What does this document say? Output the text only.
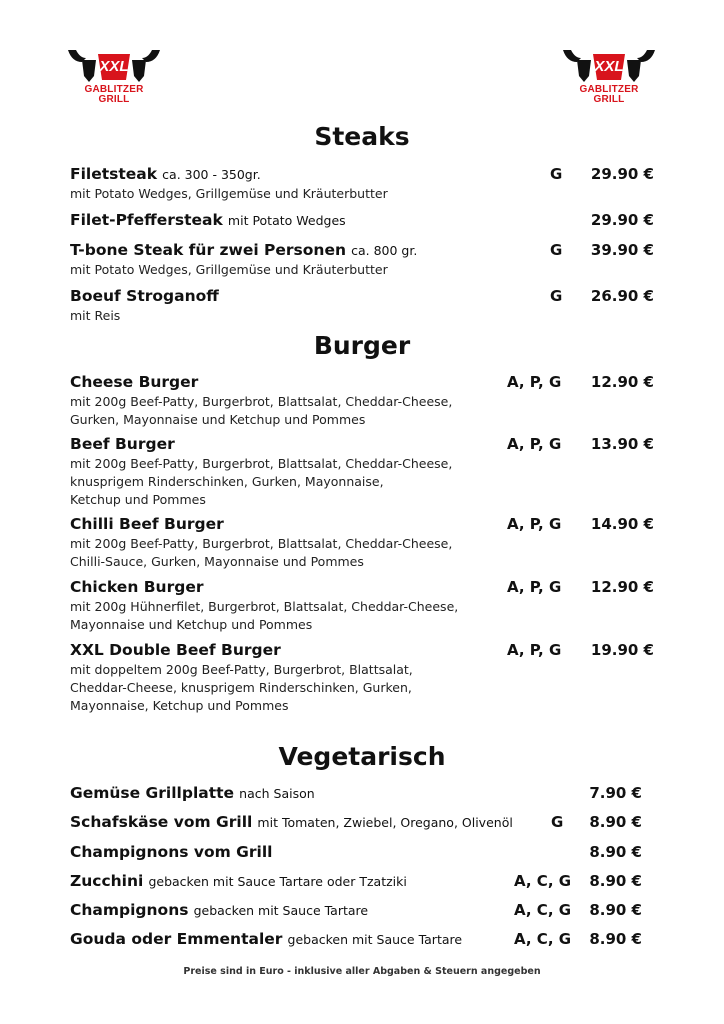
XXL
GABLITZER
GRILL
XXL
GABLITZER
GRILL
Steaks
Filetsteak ca. 300 - 350gr.	G 29.90 €
mit Potato Wedges, Grillgemüse und Kräuterbutter
Filet-Pfeffersteak mit Potato Wedges	29.90 €
T-bone Steak für zwei Personen ca. 800 gr.	G 39.90 €
mit Potato Wedges, Grillgemüse und Kräuterbutter
Boeuf Stroganoff	G 26.90 €
mit Reis
Burger
Cheese Burger	A, P, G 12.90 €
mit 200g Beef-Patty, Burgerbrot, Blattsalat, Cheddar-Cheese,
Gurken, Mayonnaise und Ketchup und Pommes
Beef Burger	A, P, G 13.90 €
mit 200g Beef-Patty, Burgerbrot, Blattsalat, Cheddar-Cheese,
knusprigem Rinderschinken, Gurken, Mayonnaise,
Ketchup und Pommes
Chilli Beef Burger	A, P, G 14.90 €
mit 200g Beef-Patty, Burgerbrot, Blattsalat, Cheddar-Cheese,
Chilli-Sauce, Gurken, Mayonnaise und Pommes
Chicken Burger	A, P, G 12.90 €
mit 200g Hühnerfilet, Burgerbrot, Blattsalat, Cheddar-Cheese,
Mayonnaise und Ketchup und Pommes
XXL Double Beef Burger	A, P, G 19.90 €
mit doppeltem 200g Beef-Patty, Burgerbrot, Blattsalat,
Cheddar-Cheese, knusprigem Rinderschinken, Gurken,
Mayonnaise, Ketchup und Pommes
Vegetarisch
Gemüse Grillplatte nach Saison	7.90 €
Schafskäse vom Grill mit Tomaten, Zwiebel, Oregano, Olivenöl	G 8.90 €
Champignons vom Grill	8.90 €
Zucchini gebacken mit Sauce Tartare oder Tzatziki	A, C, G 8.90 €
Champignons gebacken mit Sauce Tartare	A, C, G 8.90 €
Gouda oder Emmentaler gebacken mit Sauce Tartare	A, C, G 8.90 €
Preise sind in Euro - inklusive aller Abgaben & Steuern angegeben
